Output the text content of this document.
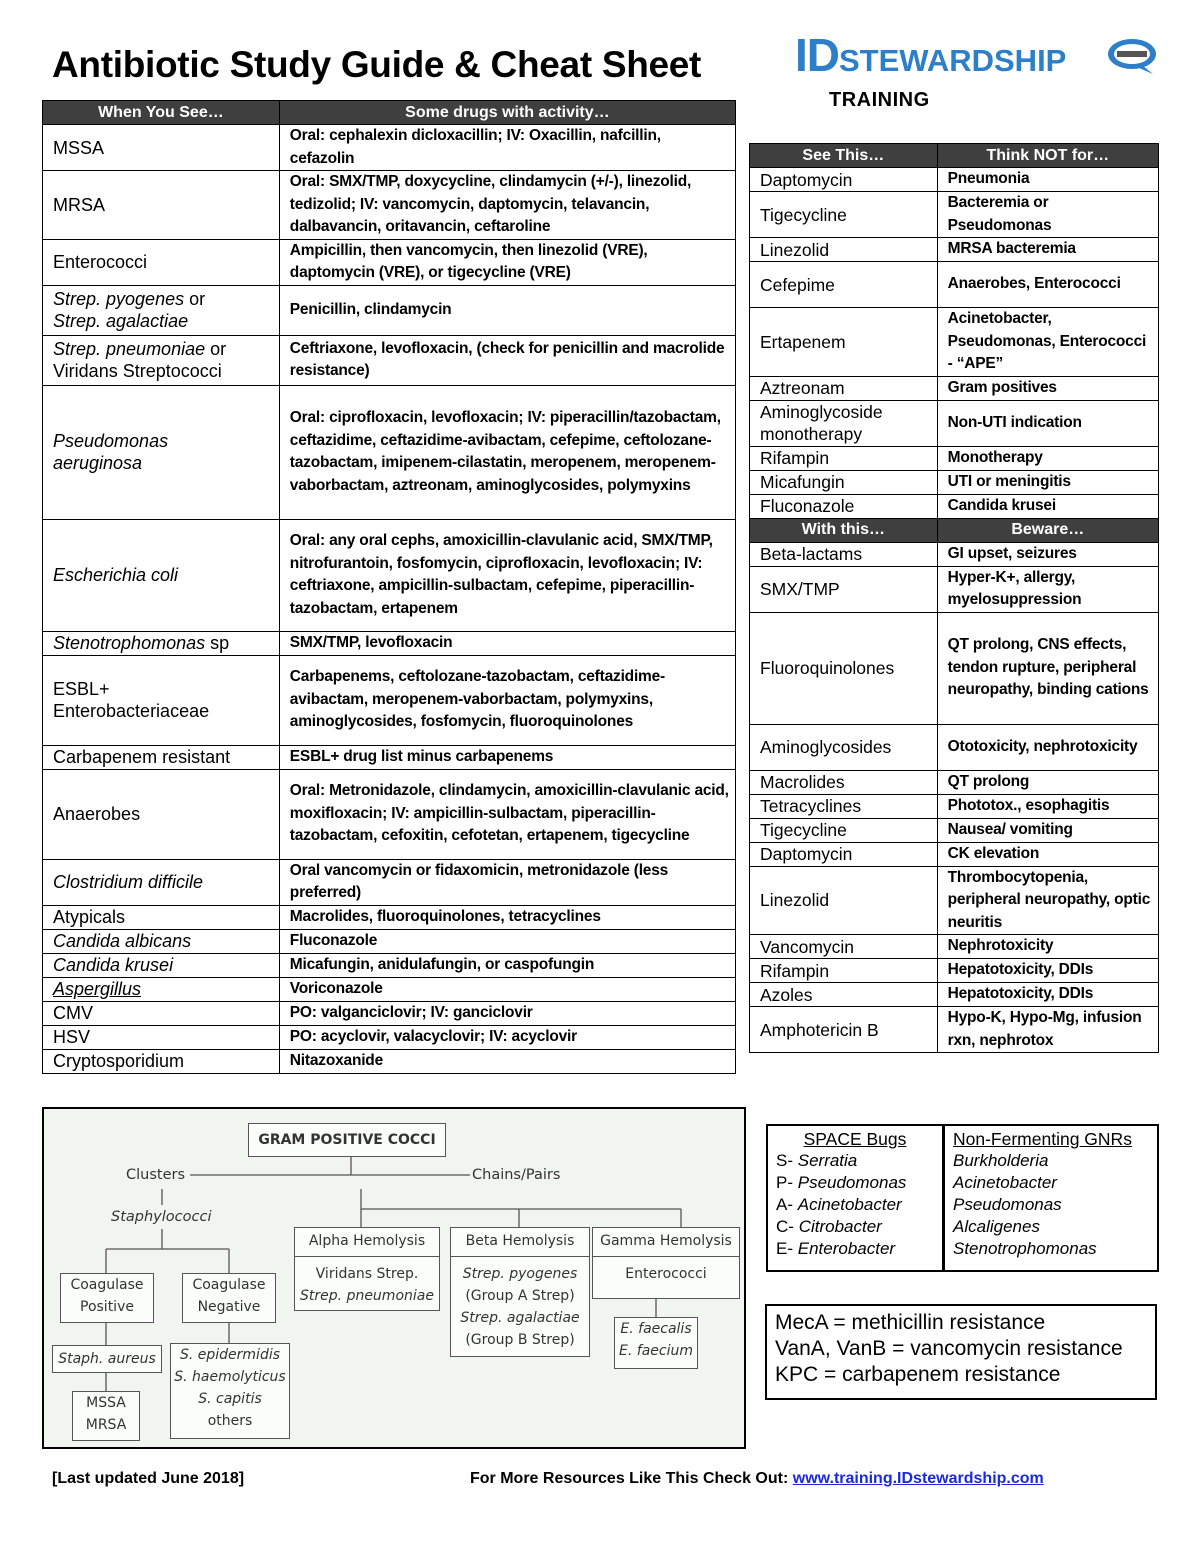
Antibiotic Study Guide & Cheat Sheet IDSTEWARDSHIP
TRAINING
When You See…	Some drugs with activity…
MSSA	Oral: cephalexin dicloxacillin; IV: Oxacillin, nafcillin, cefazolin
MRSA	Oral: SMX/TMP, doxycycline, clindamycin (+/-), linezolid, tedizolid; IV: vancomycin, daptomycin, telavancin, dalbavancin, oritavancin, ceftaroline
Enterococci	Ampicillin, then vancomycin, then linezolid (VRE), daptomycin (VRE), or tigecycline (VRE)
Strep. pyogenes or
Strep. agalactiae	Penicillin, clindamycin
Strep. pneumoniae or
Viridans Streptococci	Ceftriaxone, levofloxacin, (check for penicillin and macrolide resistance)
Pseudomonas
aeruginosa	Oral: ciprofloxacin, levofloxacin; IV: piperacillin/tazobactam, ceftazidime, ceftazidime-avibactam, cefepime, ceftolozane-tazobactam, imipenem-cilastatin, meropenem, meropenem-vaborbactam, aztreonam, aminoglycosides, polymyxins
Escherichia coli	Oral: any oral cephs, amoxicillin-clavulanic acid, SMX/TMP, nitrofurantoin, fosfomycin, ciprofloxacin, levofloxacin; IV: ceftriaxone, ampicillin-sulbactam, cefepime, piperacillin-tazobactam, ertapenem
Stenotrophomonas sp	SMX/TMP, levofloxacin
ESBL+
Enterobacteriaceae	Carbapenems, ceftolozane-tazobactam, ceftazidime-avibactam, meropenem-vaborbactam, polymyxins, aminoglycosides, fosfomycin, fluoroquinolones
Carbapenem resistant	ESBL+ drug list minus carbapenems
Anaerobes	Oral: Metronidazole, clindamycin, amoxicillin-clavulanic acid, moxifloxacin; IV: ampicillin-sulbactam, piperacillin-tazobactam, cefoxitin, cefotetan, ertapenem, tigecycline
Clostridium difficile	Oral vancomycin or fidaxomicin, metronidazole (less preferred)
Atypicals	Macrolides, fluoroquinolones, tetracyclines
Candida albicans	Fluconazole
Candida krusei	Micafungin, anidulafungin, or caspofungin
Aspergillus	Voriconazole
CMV	PO: valganciclovir; IV: ganciclovir
HSV	PO: acyclovir, valacyclovir; IV: acyclovir
Cryptosporidium	Nitazoxanide
See This…	Think NOT for…
Daptomycin	Pneumonia
Tigecycline	Bacteremia or Pseudomonas
Linezolid	MRSA bacteremia
Cefepime	Anaerobes, Enterococci
Ertapenem	Acinetobacter, Pseudomonas, Enterococci - “APE”
Aztreonam	Gram positives
Aminoglycoside monotherapy	Non-UTI indication
Rifampin	Monotherapy
Micafungin	UTI or meningitis
Fluconazole	Candida krusei
With this…	Beware…
Beta-lactams	GI upset, seizures
SMX/TMP	Hyper-K+, allergy, myelosuppression
Fluoroquinolones	QT prolong, CNS effects, tendon rupture, peripheral neuropathy, binding cations
Aminoglycosides	Ototoxicity, nephrotoxicity
Macrolides	QT prolong
Tetracyclines	Phototox., esophagitis
Tigecycline	Nausea/ vomiting
Daptomycin	CK elevation
Linezolid	Thrombocytopenia, peripheral neuropathy, optic neuritis
Vancomycin	Nephrotoxicity
Rifampin	Hepatotoxicity, DDIs
Azoles	Hepatotoxicity, DDIs
Amphotericin B	Hypo-K, Hypo-Mg, infusion rxn, nephrotox
GRAM POSITIVE COCCI
Clusters	Chains/Pairs
Staphylococci
Coagulase
Positive
Coagulase
Negative
Staph. aureus
MSSA
MRSA
S. epidermidis
S. haemolyticus
S. capitis
others
Alpha Hemolysis
Viridans Strep.
Strep. pneumoniae
Beta Hemolysis
Strep. pyogenes
(Group A Strep)
Strep. agalactiae
(Group B Strep)
Gamma Hemolysis
Enterococci
E. faecalis
E. faecium
SPACE Bugs
S- Serratia
P- Pseudomonas
A- Acinetobacter
C- Citrobacter
E- Enterobacter
Non-Fermenting GNRs
Burkholderia
Acinetobacter
Pseudomonas
Alcaligenes
Stenotrophomonas
MecA = methicillin resistance
VanA, VanB = vancomycin resistance
KPC = carbapenem resistance
[Last updated June 2018]	For More Resources Like This Check Out: www.training.IDstewardship.com
